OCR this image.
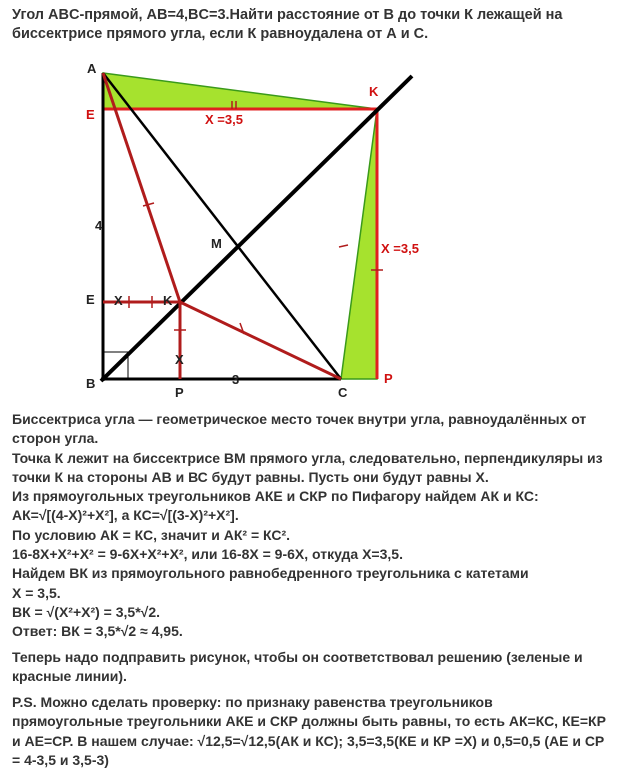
Угол ABC-прямой, AB=4,BC=3.Найти расстояние от B до точки К лежащей на
биссектрисе прямого угла, если К равноудалена от А и С.
A
E
K
X =3,5
4
M	X =3,5
E X	K
X
B
P
3
C
P
Биссектриса угла — геометрическое место точек внутри угла, равноудалённых от
сторон угла.
Точка К лежит на биссектрисе ВМ прямого угла, следовательно, перпендикуляры из
точки К на стороны АВ и ВС будут равны. Пусть они будут равны Х.
Из прямоугольных треугольников АКЕ и СКР по Пифагору найдем АК и КС:
АК=√[(4-Х)²+Х²], а КС=√[(3-Х)²+Х²].
По условию АК = КС, значит и АК² = КС².
16-8Х+Х²+Х² = 9-6Х+Х²+Х², или 16-8Х = 9-6Х, откуда Х=3,5.
Найдем ВК из прямоугольного равнобедренного треугольника с катетами
Х = 3,5.
ВК = √(Х²+Х²) = 3,5*√2.
Ответ: ВК = 3,5*√2 ≈ 4,95.
Теперь надо подправить рисунок, чтобы он соответствовал решению (зеленые и
красные линии).
P.S. Можно сделать проверку: по признаку равенства треугольников
прямоугольные треугольники АКЕ и СКР должны быть равны, то есть АК=КС, КЕ=КР
и АЕ=СР. В нашем случае: √12,5=√12,5(АК и КС); 3,5=3,5(КЕ и КР =Х) и 0,5=0,5 (АЕ и СР
= 4-3,5 и 3,5-3)
